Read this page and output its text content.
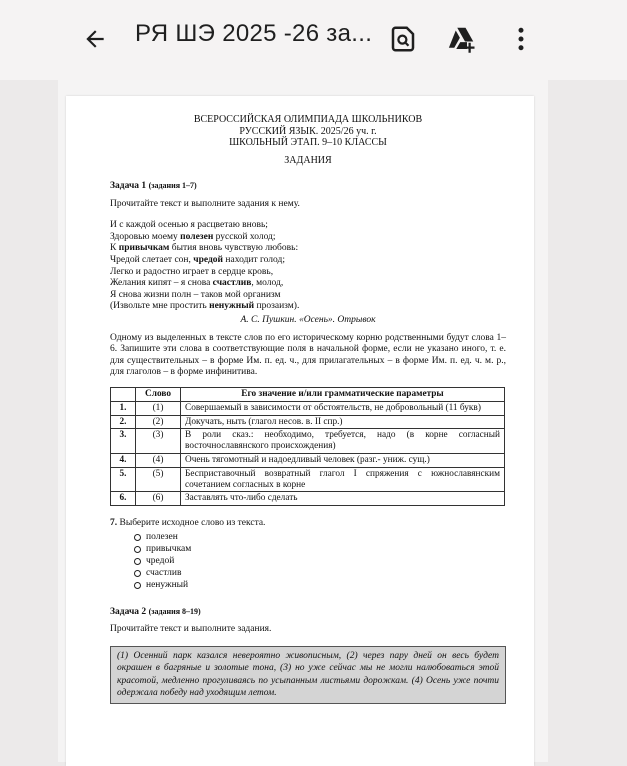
РЯ ШЭ 2025 -26 за...
ВСЕРОССИЙСКАЯ ОЛИМПИАДА ШКОЛЬНИКОВ
РУССКИЙ ЯЗЫК. 2025/26 уч. г.
ШКОЛЬНЫЙ ЭТАП. 9–10 КЛАССЫ
ЗАДАНИЯ
Задача 1 (задания 1–7)

Прочитайте текст и выполните задания к нему.

И с каждой осенью я расцветаю вновь;
Здоровью моему полезен русской холод;
К привычкам бытия вновь чувствую любовь:
Чредой слетает сон, чредой находит голод;
Легко и радостно играет в сердце кровь,
Желания кипят – я снова счастлив, молод,
Я снова жизни полн – таков мой организм
(Извольте мне простить ненужный прозаизм).
А. С. Пушкин. «Осень». Отрывок

Одному из выделенных в тексте слов по его историческому корню родственными будут слова 1–6. Запишите эти слова в соответствующие поля в начальной форме, если не указано иного, т. е. для существительных – в форме Им. п. ед. ч., для прилагательных – в форме Им. п. ед. ч. м. р., для глаголов – в форме инфинитива.

	Слово	Его значение и/или грамматические параметры
1.	(1)	Совершаемый в зависимости от обстоятельств, не добровольный (11 букв)
2.	(2)	Докучать, ныть (глагол несов. в. II спр.)
3.	(3)	В роли сказ.: необходимо, требуется, надо (в корне согласный восточнославянского происхождения)
4.	(4)	Очень тягомотный и надоедливый человек (разг.- униж. сущ.)
5.	(5)	Бесприставочный возвратный глагол I спряжения с южнославянским сочетанием согласных в корне
6.	(6)	Заставлять что-либо сделать
7. Выберите исходное слово из текста.
полезен
привычкам
чредой
счастлив
ненужный
Задача 2 (задания 8–19)

Прочитайте текст и выполните задания.

(1) Осенний парк казался невероятно живописным, (2) через пару дней он весь будет окрашен в багряные и золотые тона, (3) но уже сейчас мы не могли налюбоваться этой красотой, медленно прогуливаясь по усыпанным листьями дорожкам. (4) Осень уже почти одержала победу над уходящим летом.
